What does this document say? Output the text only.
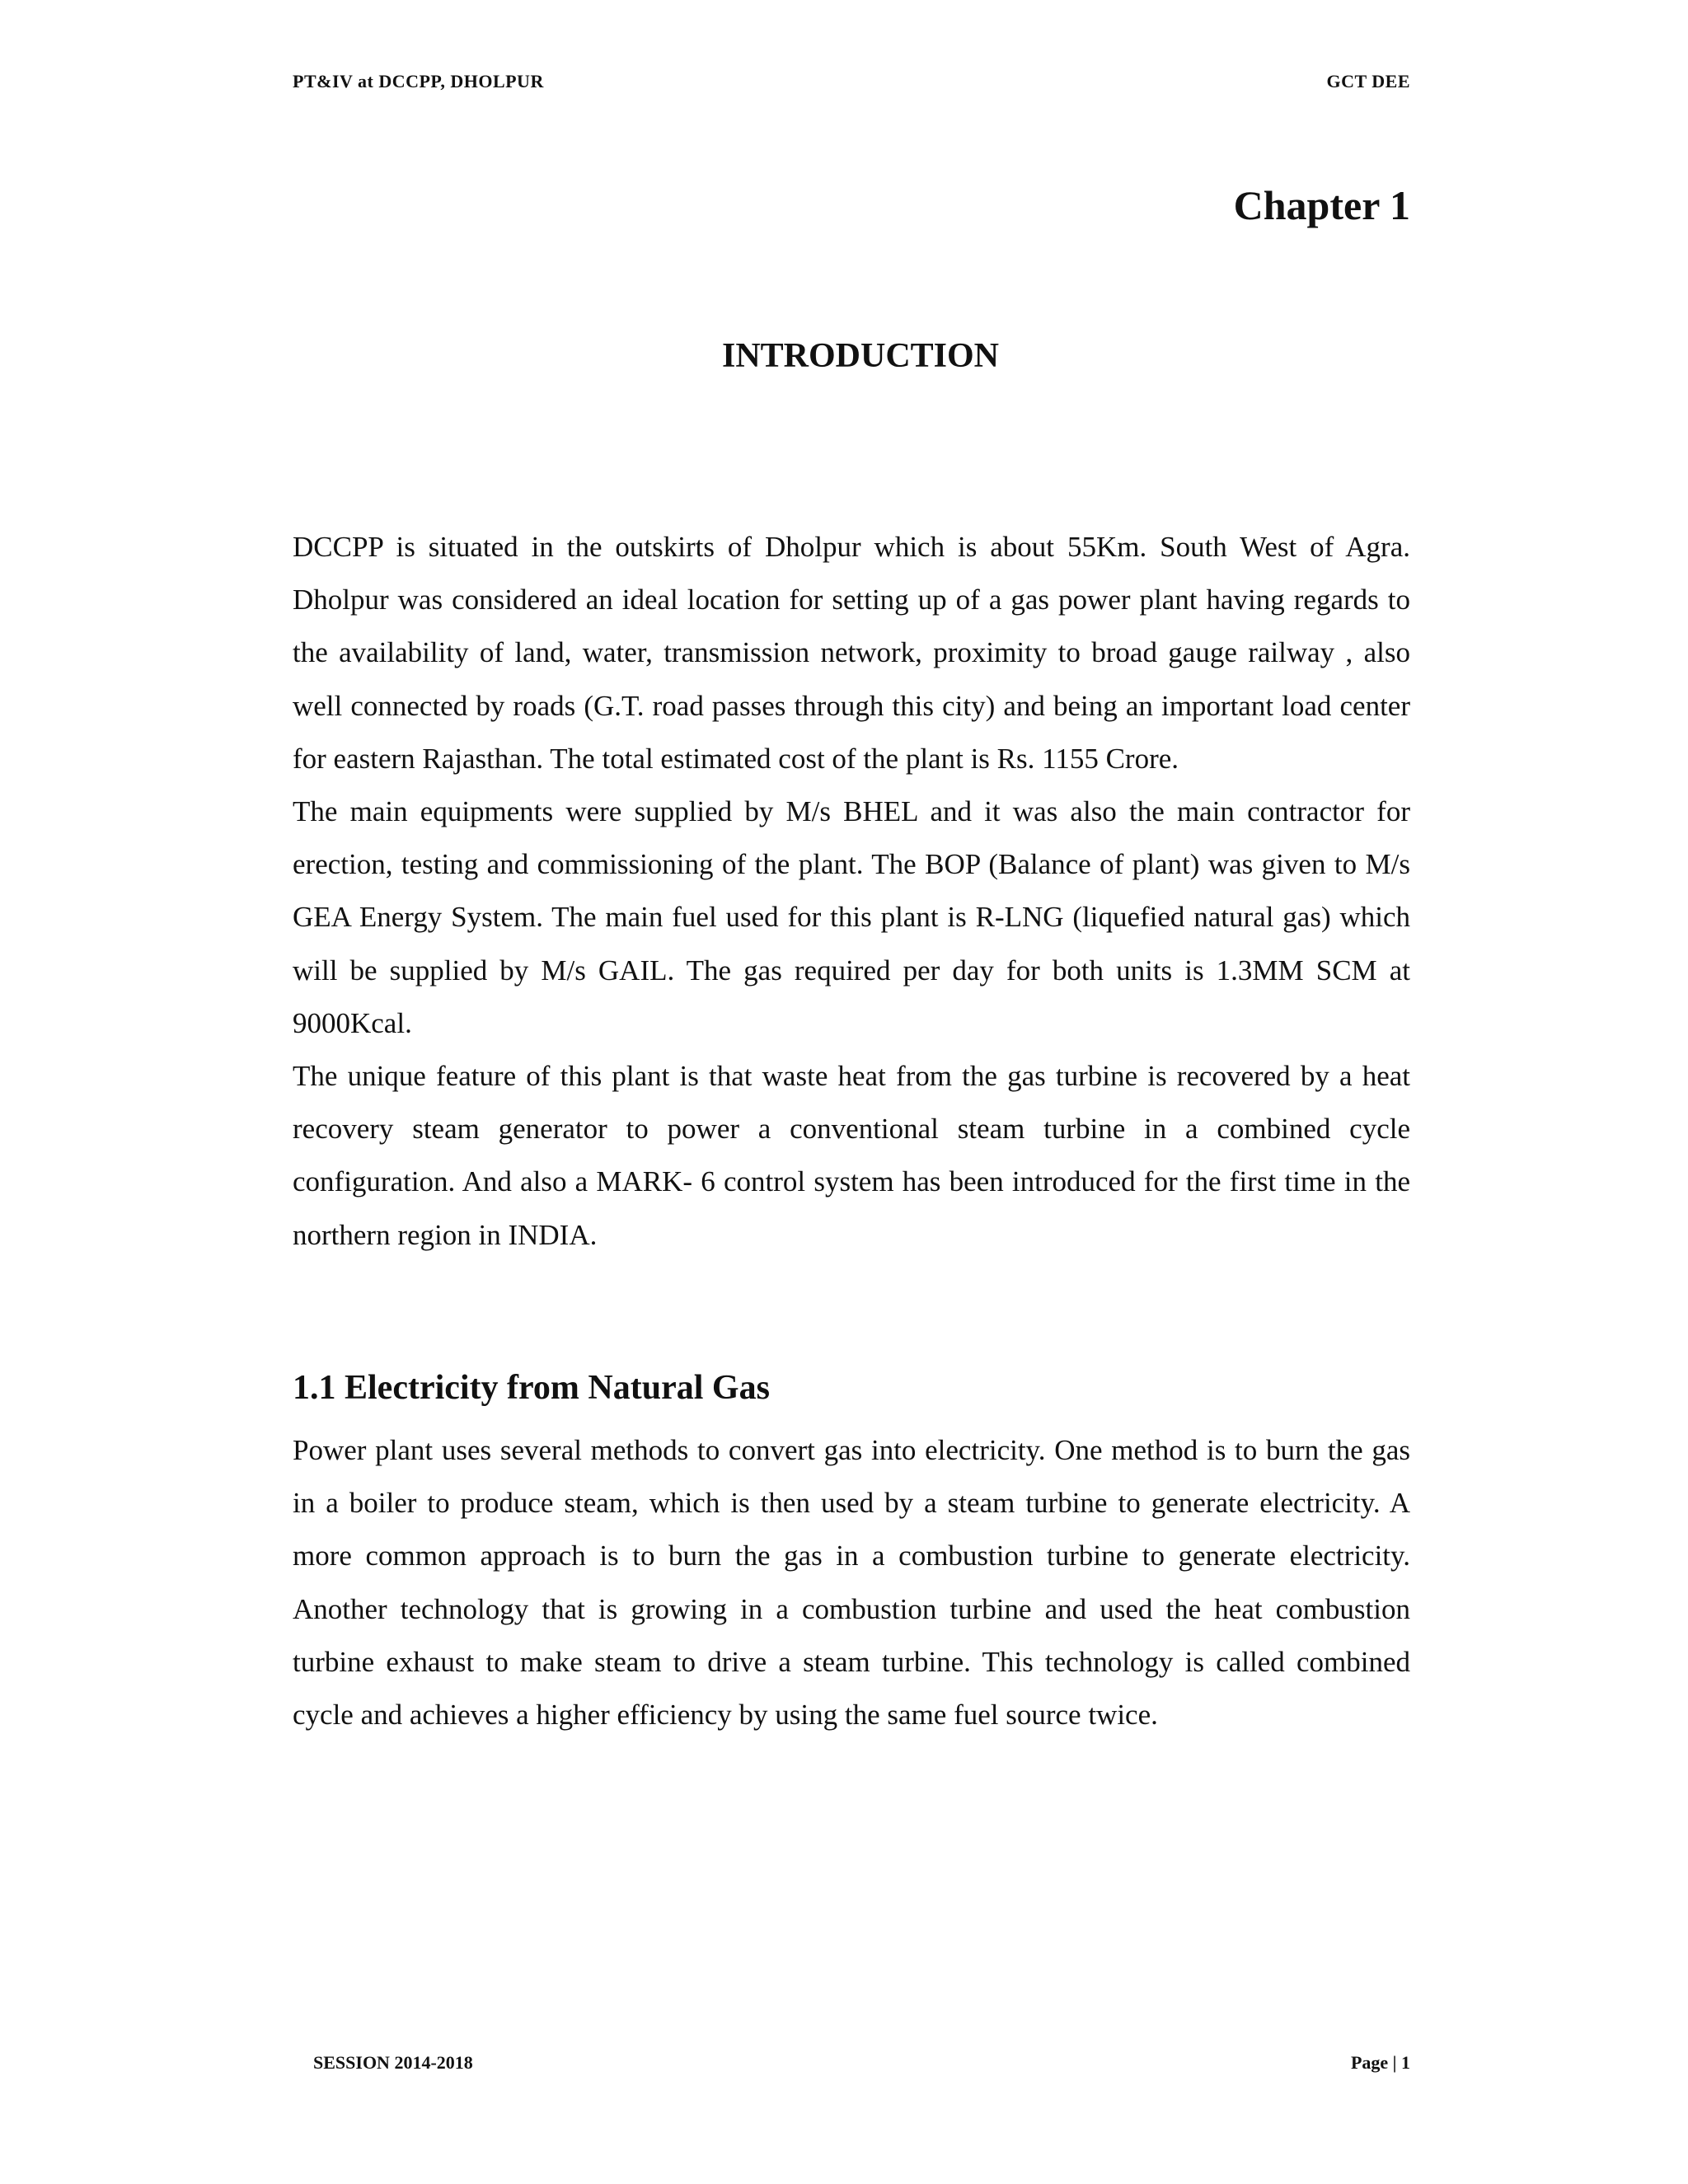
PT&IV at DCCPP, DHOLPUR	GCT DEE
Chapter 1
INTRODUCTION

DCCPP is situated in the outskirts of Dholpur which is about 55Km. South West of Agra. Dholpur was considered an ideal location for setting up of a gas power plant having regards to the availability of land, water, transmission network, proximity to broad gauge railway , also well connected by roads (G.T. road passes through this city) and being an important load center for eastern Rajasthan. The total estimated cost of the plant is Rs. 1155 Crore.

The main equipments were supplied by M/s BHEL and it was also the main contractor for erection, testing and commissioning of the plant. The BOP (Balance of plant) was given to M/s GEA Energy System. The main fuel used for this plant is R-LNG (liquefied natural gas) which will be supplied by M/s GAIL. The gas required per day for both units is 1.3MM SCM at 9000Kcal.

The unique feature of this plant is that waste heat from the gas turbine is recovered by a heat recovery steam generator to power a conventional steam turbine in a combined cycle configuration. And also a MARK- 6 control system has been introduced for the first time in the northern region in INDIA.

1.1 Electricity from Natural Gas

Power plant uses several methods to convert gas into electricity. One method is to burn the gas in a boiler to produce steam, which is then used by a steam turbine to generate electricity. A more common approach is to burn the gas in a combustion turbine to generate electricity. Another technology that is growing in a combustion turbine and used the heat combustion turbine exhaust to make steam to drive a steam turbine. This technology is called combined cycle and achieves a higher efficiency by using the same fuel source twice.

SESSION 2014-2018	Page | 1
